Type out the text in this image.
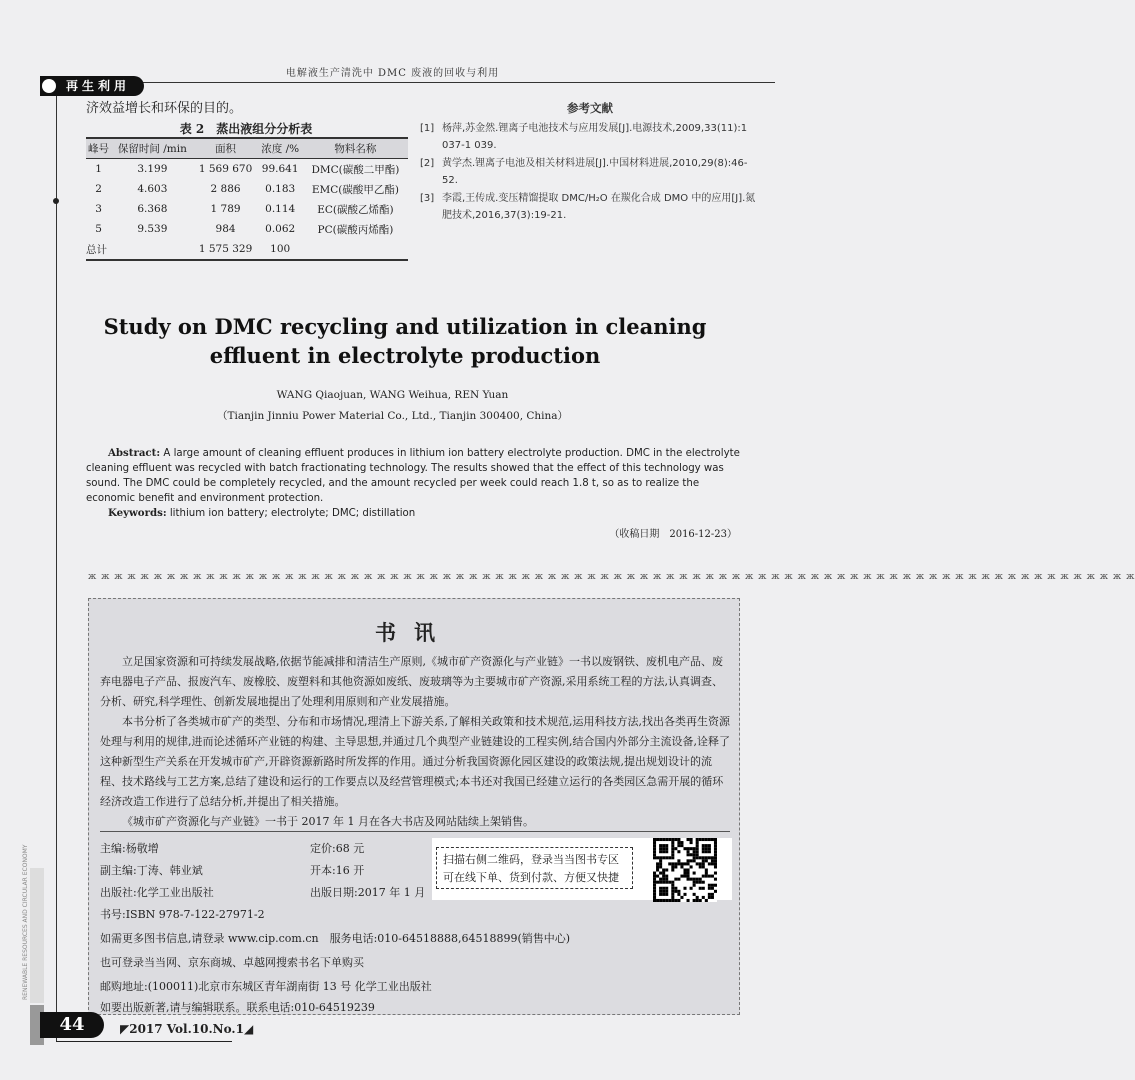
电解液生产清洗中 DMC 废液的回收与利用
再生利用
济效益增长和环保的目的。
表 2　蒸出液组分分析表
峰号	保留时间 /min	面积	浓度 /%	物料名称
1	3.199	1 569 670	99.641	DMC(碳酸二甲酯)
2	4.603	2 886	0.183	EMC(碳酸甲乙酯)
3	6.368	1 789	0.114	EC(碳酸乙烯酯)
5	9.539	984	0.062	PC(碳酸丙烯酯)
总计		1 575 329	100	
参考文献
[1] 杨萍,苏金然.锂离子电池技术与应用发展[J].电源技术,2009,33(11):1 037-1 039.
[2] 黄学杰.锂离子电池及相关材料进展[J].中国材料进展,2010,29(8):46-52.
[3] 李霞,王传成.变压精馏提取 DMC/H₂O 在羰化合成 DMO 中的应用[J].氮肥技术,2016,37(3):19-21.
Study on DMC recycling and utilization in cleaning effluent in electrolyte production
WANG Qiaojuan, WANG Weihua, REN Yuan
（Tianjin Jinniu Power Material Co., Ltd., Tianjin 300400, China）
Abstract: A large amount of cleaning effluent produces in lithium ion battery electrolyte production. DMC in the electrolyte cleaning effluent was recycled with batch fractionating technology. The results showed that the effect of this technology was sound. The DMC could be completely recycled, and the amount recycled per week could reach 1.8 t, so as to realize the economic benefit and environment protection.
Keywords: lithium ion battery; electrolyte; DMC; distillation
（收稿日期　2016-12-23）
ж ж ж ж ж ж ж ж ж ж ж ж ж ж ж ж ж ж ж ж ж ж ж ж ж ж ж ж ж ж ж ж ж ж ж ж ж ж ж ж ж ж ж ж ж ж ж ж ж ж ж ж ж ж ж ж ж ж ж ж ж ж ж ж ж ж ж ж ж ж ж ж ж ж ж ж ж ж ж ж
书讯

立足国家资源和可持续发展战略,依据节能减排和清洁生产原则,《城市矿产资源化与产业链》一书以废钢铁、废机电产品、废弃电器电子产品、报废汽车、废橡胶、废塑料和其他资源如废纸、废玻璃等为主要城市矿产资源,采用系统工程的方法,认真调查、分析、研究,科学理性、创新发展地提出了处理利用原则和产业发展措施。

本书分析了各类城市矿产的类型、分布和市场情况,理清上下游关系,了解相关政策和技术规范,运用科技方法,找出各类再生资源处理与利用的规律,进而论述循环产业链的构建、主导思想,并通过几个典型产业链建设的工程实例,结合国内外部分主流设备,诠释了这种新型生产关系在开发城市矿产,开辟资源新路时所发挥的作用。通过分析我国资源化园区建设的政策法规,提出规划设计的流程、技术路线与工艺方案,总结了建设和运行的工作要点以及经营管理模式;本书还对我国已经建立运行的各类园区急需开展的循环经济改造工作进行了总结分析,并提出了相关措施。

《城市矿产资源化与产业链》一书于 2017 年 1 月在各大书店及网站陆续上架销售。

主编:杨敬增
副主编:丁涛、韩业斌
出版社:化学工业出版社
定价:68 元
开本:16 开
出版日期:2017 年 1 月
书号:ISBN 978-7-122-27971-2
如需更多图书信息,请登录 www.cip.com.cn　服务电话:010-64518888,64518899(销售中心)
也可登录当当网、京东商城、卓越网搜索书名下单购买
邮购地址:(100011)北京市东城区青年湖南街 13 号 化学工业出版社
如要出版新著,请与编辑联系。联系电话:010-64519239
扫描右侧二维码，登录当当图书专区
可在线下单、货到付款、方便又快捷
RENEWABLE RESOURCES AND CIRCULAR ECONOMY
44	◤2017 Vol.10.No.1◢
